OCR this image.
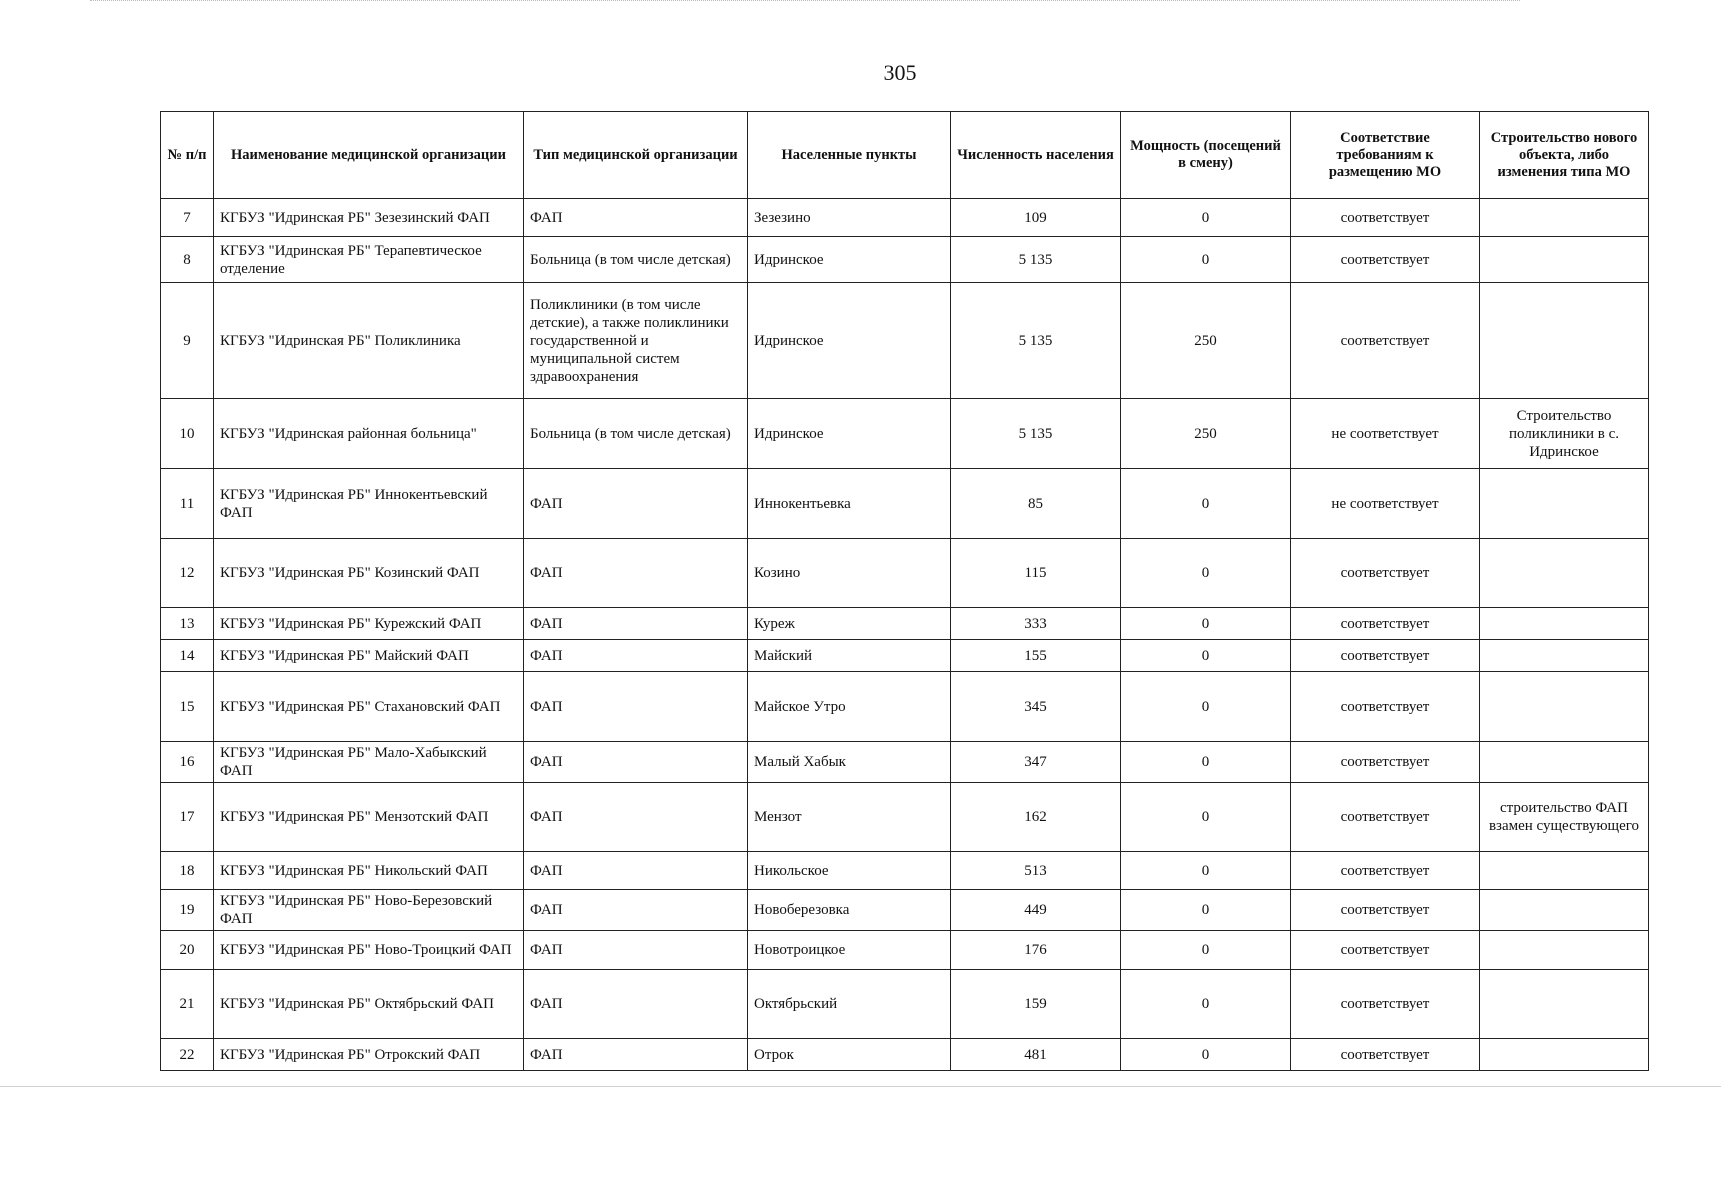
305
№ п/п	Наименование медицинской организации	Тип медицинской организации	Населенные пункты	Численность населения	Мощность (посещений в смену)	Соответствие требованиям к размещению МО	Строительство нового объекта, либо изменения типа МО
7	КГБУЗ "Идринская РБ" Зезезинский ФАП	ФАП	Зезезино	109	0	соответствует	
8	КГБУЗ "Идринская РБ" Терапевтическое отделение	Больница (в том числе детская)	Идринское	5 135	0	соответствует	
9	КГБУЗ "Идринская РБ" Поликлиника	Поликлиники (в том числе детские), а также поликлиники государственной и муниципальной систем здравоохранения	Идринское	5 135	250	соответствует	
10	КГБУЗ "Идринская районная больница"	Больница (в том числе детская)	Идринское	5 135	250	не соответствует	Строительство поликлиники в с. Идринское
11	КГБУЗ "Идринская РБ" Иннокентьевский ФАП	ФАП	Иннокентьевка	85	0	не соответствует	
12	КГБУЗ "Идринская РБ" Козинский ФАП	ФАП	Козино	115	0	соответствует	
13	КГБУЗ "Идринская РБ" Курежский ФАП	ФАП	Куреж	333	0	соответствует	
14	КГБУЗ "Идринская РБ" Майский ФАП	ФАП	Майский	155	0	соответствует	
15	КГБУЗ "Идринская РБ" Стахановский ФАП	ФАП	Майское Утро	345	0	соответствует	
16	КГБУЗ "Идринская РБ" Мало-Хабыкский ФАП	ФАП	Малый Хабык	347	0	соответствует	
17	КГБУЗ "Идринская РБ" Мензотский ФАП	ФАП	Мензот	162	0	соответствует	строительство ФАП взамен существующего
18	КГБУЗ "Идринская РБ" Никольский ФАП	ФАП	Никольское	513	0	соответствует	
19	КГБУЗ "Идринская РБ" Ново-Березовский ФАП	ФАП	Новоберезовка	449	0	соответствует	
20	КГБУЗ "Идринская РБ" Ново-Троицкий ФАП	ФАП	Новотроицкое	176	0	соответствует	
21	КГБУЗ "Идринская РБ" Октябрьский ФАП	ФАП	Октябрьский	159	0	соответствует	
22	КГБУЗ "Идринская РБ" Отрокский ФАП	ФАП	Отрок	481	0	соответствует	
